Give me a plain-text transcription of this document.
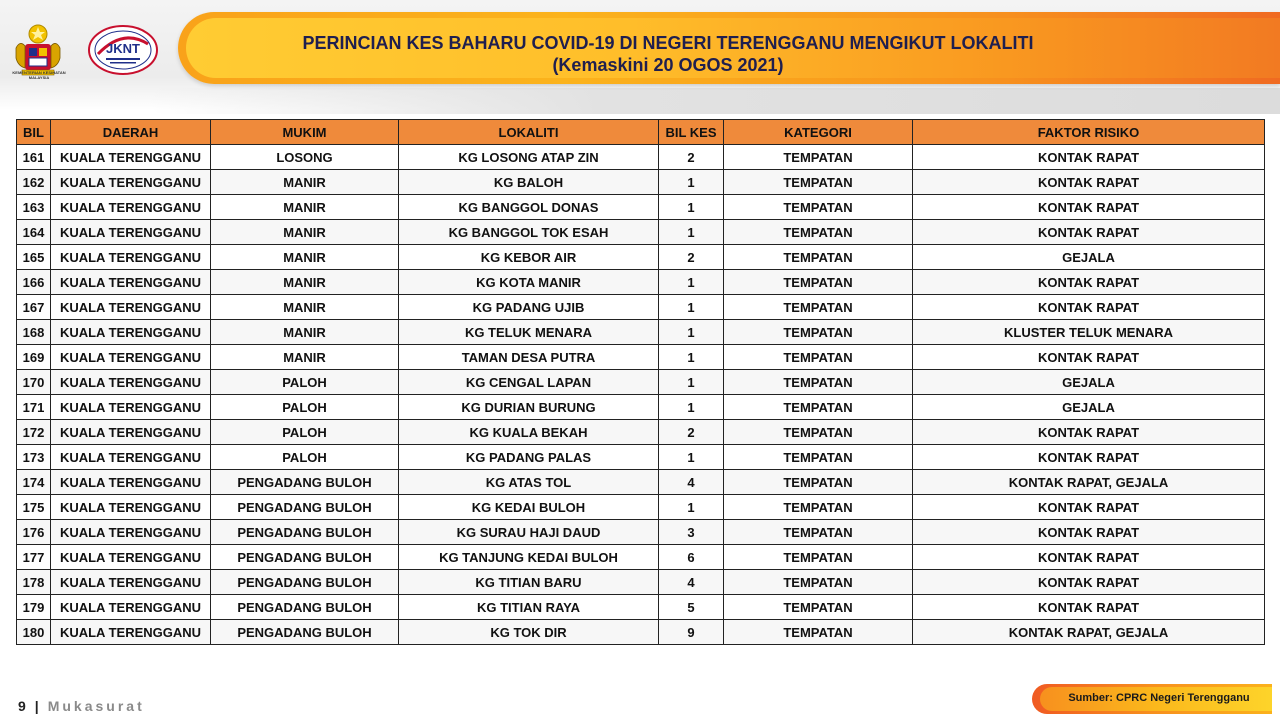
KEMENTERIAN KESIHATAN MALAYSIA
JKNT	PERINCIAN KES BAHARU COVID-19 DI NEGERI TERENGGANU MENGIKUT LOKALITI
(Kemaskini 20 OGOS 2021)
BIL	DAERAH	MUKIM	LOKALITI	BIL KES	KATEGORI	FAKTOR RISIKO
161	KUALA TERENGGANU	LOSONG	KG LOSONG ATAP ZIN	2	TEMPATAN	KONTAK RAPAT
162	KUALA TERENGGANU	MANIR	KG BALOH	1	TEMPATAN	KONTAK RAPAT
163	KUALA TERENGGANU	MANIR	KG BANGGOL DONAS	1	TEMPATAN	KONTAK RAPAT
164	KUALA TERENGGANU	MANIR	KG BANGGOL TOK ESAH	1	TEMPATAN	KONTAK RAPAT
165	KUALA TERENGGANU	MANIR	KG KEBOR AIR	2	TEMPATAN	GEJALA
166	KUALA TERENGGANU	MANIR	KG KOTA MANIR	1	TEMPATAN	KONTAK RAPAT
167	KUALA TERENGGANU	MANIR	KG PADANG UJIB	1	TEMPATAN	KONTAK RAPAT
168	KUALA TERENGGANU	MANIR	KG TELUK MENARA	1	TEMPATAN	KLUSTER TELUK MENARA
169	KUALA TERENGGANU	MANIR	TAMAN DESA PUTRA	1	TEMPATAN	KONTAK RAPAT
170	KUALA TERENGGANU	PALOH	KG CENGAL LAPAN	1	TEMPATAN	GEJALA
171	KUALA TERENGGANU	PALOH	KG DURIAN BURUNG	1	TEMPATAN	GEJALA
172	KUALA TERENGGANU	PALOH	KG KUALA BEKAH	2	TEMPATAN	KONTAK RAPAT
173	KUALA TERENGGANU	PALOH	KG PADANG PALAS	1	TEMPATAN	KONTAK RAPAT
174	KUALA TERENGGANU	PENGADANG BULOH	KG ATAS TOL	4	TEMPATAN	KONTAK RAPAT, GEJALA
175	KUALA TERENGGANU	PENGADANG BULOH	KG KEDAI BULOH	1	TEMPATAN	KONTAK RAPAT
176	KUALA TERENGGANU	PENGADANG BULOH	KG SURAU HAJI DAUD	3	TEMPATAN	KONTAK RAPAT
177	KUALA TERENGGANU	PENGADANG BULOH	KG TANJUNG KEDAI BULOH	6	TEMPATAN	KONTAK RAPAT
178	KUALA TERENGGANU	PENGADANG BULOH	KG TITIAN BARU	4	TEMPATAN	KONTAK RAPAT
179	KUALA TERENGGANU	PENGADANG BULOH	KG TITIAN RAYA	5	TEMPATAN	KONTAK RAPAT
180	KUALA TERENGGANU	PENGADANG BULOH	KG TOK DIR	9	TEMPATAN	KONTAK RAPAT, GEJALA
9 | Mukasurat	Sumber: CPRC Negeri Terengganu
